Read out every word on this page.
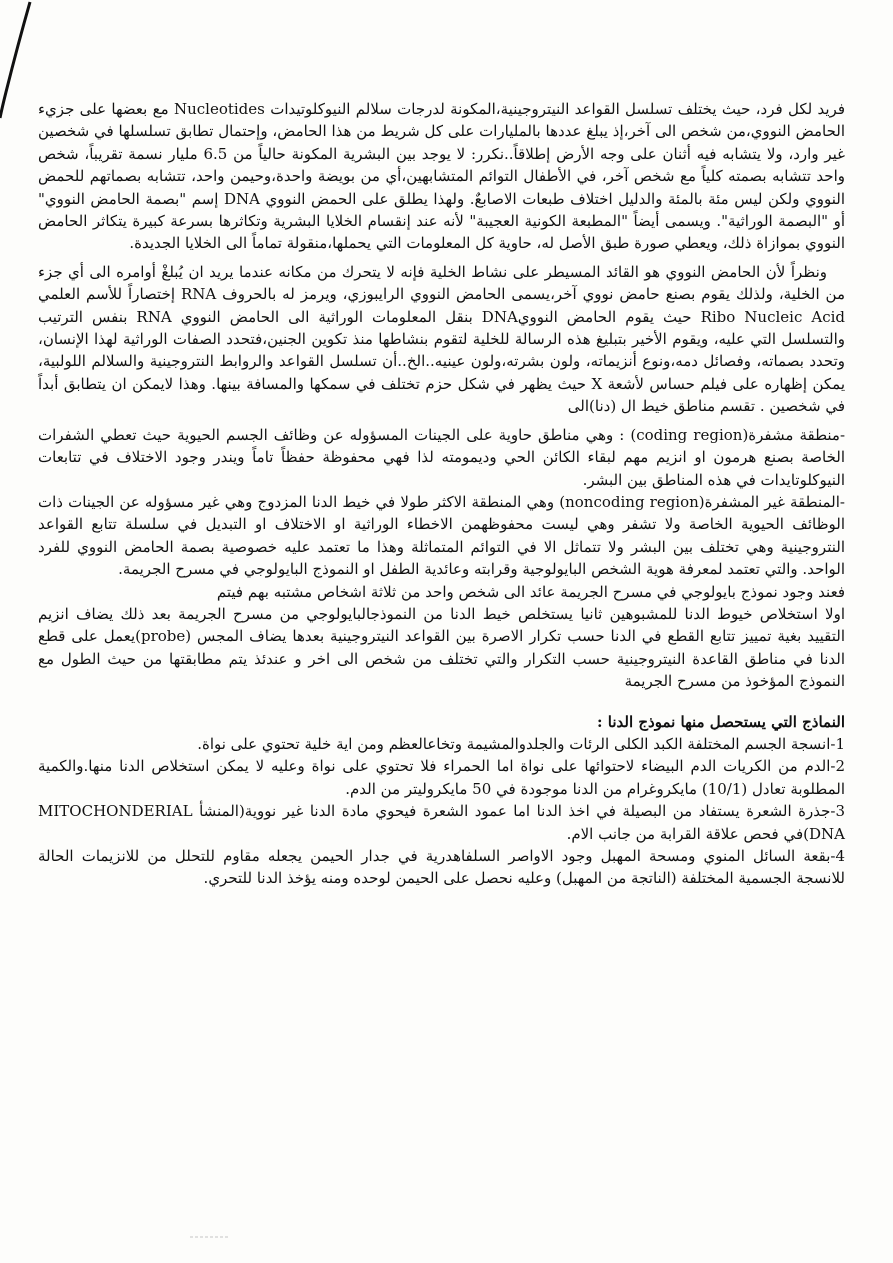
فريد لكل فرد، حيث يختلف تسلسل القواعد النيتروجينية،المكونة لدرجات سلالم النيوكلوتيدات Nucleotides مع بعضها على جزيء الحامض النووي،من شخص الى آخر،إذ يبلغ عددها بالمليارات على كل شريط من هذا الحامض، وإحتمال تطابق تسلسلها في شخصين غير وارد، ولا يتشابه فيه أثنان على وجه الأرض إطلاقاً..نكرر: لا يوجد بين البشرية المكونة حالياً من 6.5 مليار نسمة تقريباً، شخص واحد تتشابه بصمته كلياً مع شخص آخر، في الأطفال التوائم المتشابهين،أي من بويضة واحدة،وحيمن واحد، تتشابه بصماتهم للحمض النووي ولكن ليس مئة بالمئة والدليل اختلاف طبعات الاصابعٌ. ولهذا يطلق على الحمض النووي DNA إسم "بصمة الحامض النووي" أو "البصمة الوراثية". ويسمى أيضاً "المطبعة الكونية العجيبة" لأنه عند إنقسام الخلايا البشرية وتكاثرها بسرعة كبيرة يتكاثر الحامض النووي بموازاة ذلك، ويعطي صورة طبق الأصل له، حاوية كل المعلومات التي يحملها،منقولة تماماً الى الخلايا الجديدة.

ونظراً لأن الحامض النووي هو القائد المسيطر على نشاط الخلية فإنه لا يتحرك من مكانه عندما يريد ان يُبلغْ أوامره الى أي جزء من الخلية، ولذلك يقوم بصنع حامض نووي آخر،يسمى الحامض النووي الرايبوزي، ويرمز له بالحروف RNA إختصاراً للأسم العلمي Ribo Nucleic Acid حيث يقوم الحامض النوويDNA بنقل المعلومات الوراثية الى الحامض النووي RNA بنفس الترتيب والتسلسل التي عليه، ويقوم الأخير بتبليغ هذه الرسالة للخلية لتقوم بنشاطها منذ تكوين الجنين،فتحدد الصفات الوراثية لهذا الإنسان، وتحدد بصماته، وفصائل دمه،ونوع أنزيماته، ولون بشرته،ولون عينيه..الخ..أن تسلسل القواعد والروابط النتروجينية والسلالم اللولبية، يمكن إظهاره على فيلم حساس لأشعة X حيث يظهر في شكل حزم تختلف في سمكها والمسافة بينها. وهذا لايمكن ان يتطابق أبداً في شخصين . تقسم مناطق خيط ال (دنا)الى

-منطقة مشفرة(coding region) : وهي مناطق حاوية على الجينات المسؤوله عن وظائف الجسم الحيوية حيث تعطي الشفرات الخاصة بصنع هرمون او انزيم مهم لبقاء الكائن الحي وديمومته لذا فهي محفوظة حفظاً تاماً ويندر وجود الاختلاف في تتابعات النيوكلوتايدات في هذه المناطق بين البشر.

-المنطقة غير المشفرة(noncoding region) وهي المنطقة الاكثر طولا في خيط الدنا المزدوج وهي غير مسؤوله عن الجينات ذات الوظائف الحيوية الخاصة ولا تشفر وهي ليست محفوظهمن الاخطاء الوراثية او الاختلاف او التبديل في سلسلة تتابع القواعد النتروجينية وهي تختلف بين البشر ولا تتماثل الا في التوائم المتماثلة وهذا ما تعتمد عليه خصوصية بصمة الحامض النووي للفرد الواحد. والتي تعتمد لمعرفة هوية الشخص البايولوجية وقرابته وعائدية الطفل او النموذج البايولوجي في مسرح الجريمة.

فعند وجود نموذج بايولوجي في مسرح الجريمة عائد الى شخص واحد من ثلاثة اشخاص مشتبه بهم فيتم

اولا استخلاص خيوط الدنا للمشبوهين ثانيا يستخلص خيط الدنا من النموذجالبايولوجي من مسرح الجريمة بعد ذلك يضاف انزيم التقييد بغية تمييز تتابع القطع في الدنا حسب تكرار الاصرة بين القواعد النيتروجينية بعدها يضاف المجس (probe)يعمل على قطع الدنا في مناطق القاعدة النيتروجينية حسب التكرار والتي تختلف من شخص الى اخر و عندئذ يتم مطابقتها من حيث الطول مع النموذج المؤخوذ من مسرح الجريمة

النماذج التي يستحصل منها نموذج الدنا :

1-انسجة الجسم المختلفة الكبد الكلى الرئات والجلدوالمشيمة وتخاعالعظم ومن اية خلية تحتوي على نواة.

2-الدم من الكريات الدم البيضاء لاحتوائها على نواة اما الحمراء فلا تحتوي على نواة وعليه لا يمكن استخلاص الدنا منها.والكمية المطلوبة تعادل (10/1) مايكروغرام من الدنا موجودة في 50 مايكروليتر من الدم.

3-جذرة الشعرة يستفاد من البصيلة في اخذ الدنا اما عمود الشعرة فيحوي مادة الدنا غير نووية(المنشأ MITOCHONDERIAL DNA)في فحص علاقة القرابة من جانب الام.

4-بقعة السائل المنوي ومسحة المهبل وجود الاواصر السلفاهدرية في جدار الحيمن يجعله مقاوم للتحلل من للانزيمات الحالة للانسجة الجسمية المختلفة (الناتجة من المهبل) وعليه نحصل على الحيمن لوحده ومنه يؤخذ الدنا للتحري.
